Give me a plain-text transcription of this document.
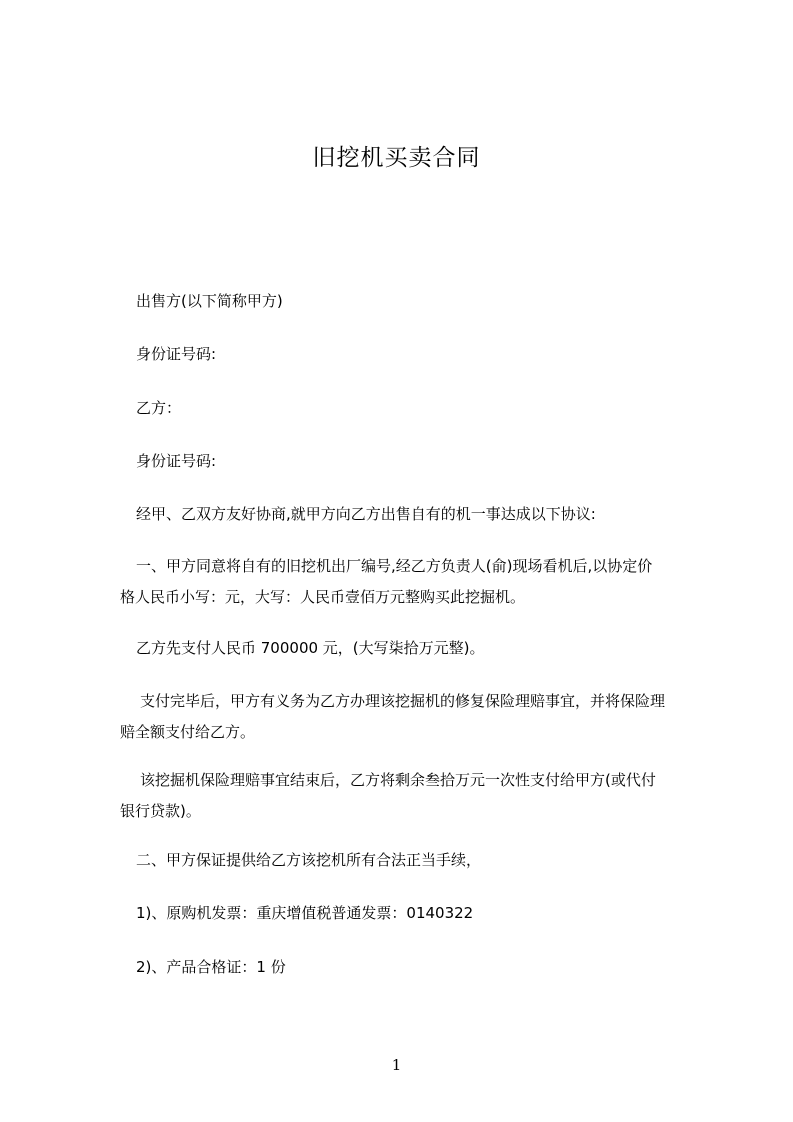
旧挖机买卖合同
出售方(以下简称甲方)
身份证号码:
乙方：
身份证号码:
经甲、乙双方友好协商,就甲方向乙方出售自有的机一事达成以下协议:
一、甲方同意将自有的旧挖机出厂编号,经乙方负责人(俞)现场看机后,以协定价
格人民币小写：元，大写：人民币壹佰万元整购买此挖掘机。
乙方先支付人民币 700000 元，(大写柒拾万元整)。
支付完毕后，甲方有义务为乙方办理该挖掘机的修复保险理赔事宜，并将保险理
赔全额支付给乙方。
该挖掘机保险理赔事宜结束后，乙方将剩余叁拾万元一次性支付给甲方(或代付
银行贷款)。
二、甲方保证提供给乙方该挖机所有合法正当手续，
1)、原购机发票：重庆增值税普通发票：0140322
2)、产品合格证：1 份
1
